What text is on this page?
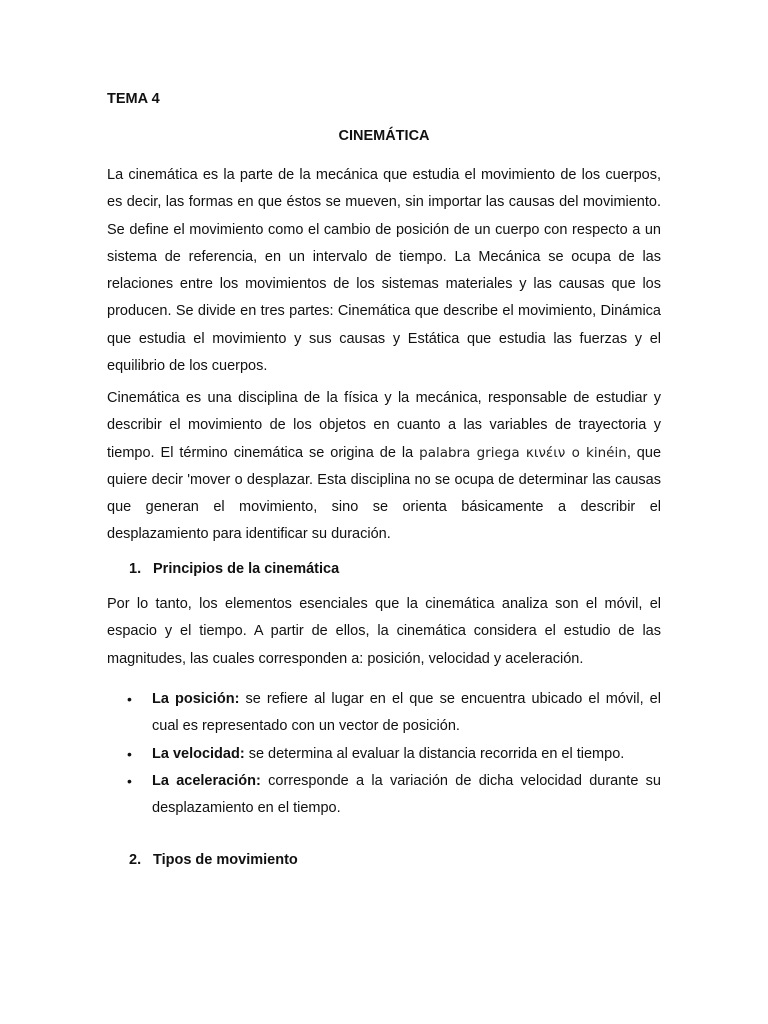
TEMA 4

CINEMÁTICA

La cinemática es la parte de la mecánica que estudia el movimiento de los cuerpos, es decir, las formas en que éstos se mueven, sin importar las causas del movimiento. Se define el movimiento como el cambio de posición de un cuerpo con respecto a un sistema de referencia, en un intervalo de tiempo. La Mecánica se ocupa de las relaciones entre los movimientos de los sistemas materiales y las causas que los producen. Se divide en tres partes: Cinemática que describe el movimiento, Dinámica que estudia el movimiento y sus causas y Estática que estudia las fuerzas y el equilibrio de los cuerpos.

Cinemática es una disciplina de la física y la mecánica, responsable de estudiar y describir el movimiento de los objetos en cuanto a las variables de trayectoria y tiempo. El término cinemática se origina de la palabra griega κινέιν o kinéin, que quiere decir 'mover o desplazar. Esta disciplina no se ocupa de determinar las causas que generan el movimiento, sino se orienta básicamente a describir el desplazamiento para identificar su duración.

1. Principios de la cinemática

Por lo tanto, los elementos esenciales que la cinemática analiza son el móvil, el espacio y el tiempo. A partir de ellos, la cinemática considera el estudio de las magnitudes, las cuales corresponden a: posición, velocidad y aceleración.

• La posición: se refiere al lugar en el que se encuentra ubicado el móvil, el cual es representado con un vector de posición.
• La velocidad: se determina al evaluar la distancia recorrida en el tiempo.
• La aceleración: corresponde a la variación de dicha velocidad durante su desplazamiento en el tiempo.
2. Tipos de movimiento
